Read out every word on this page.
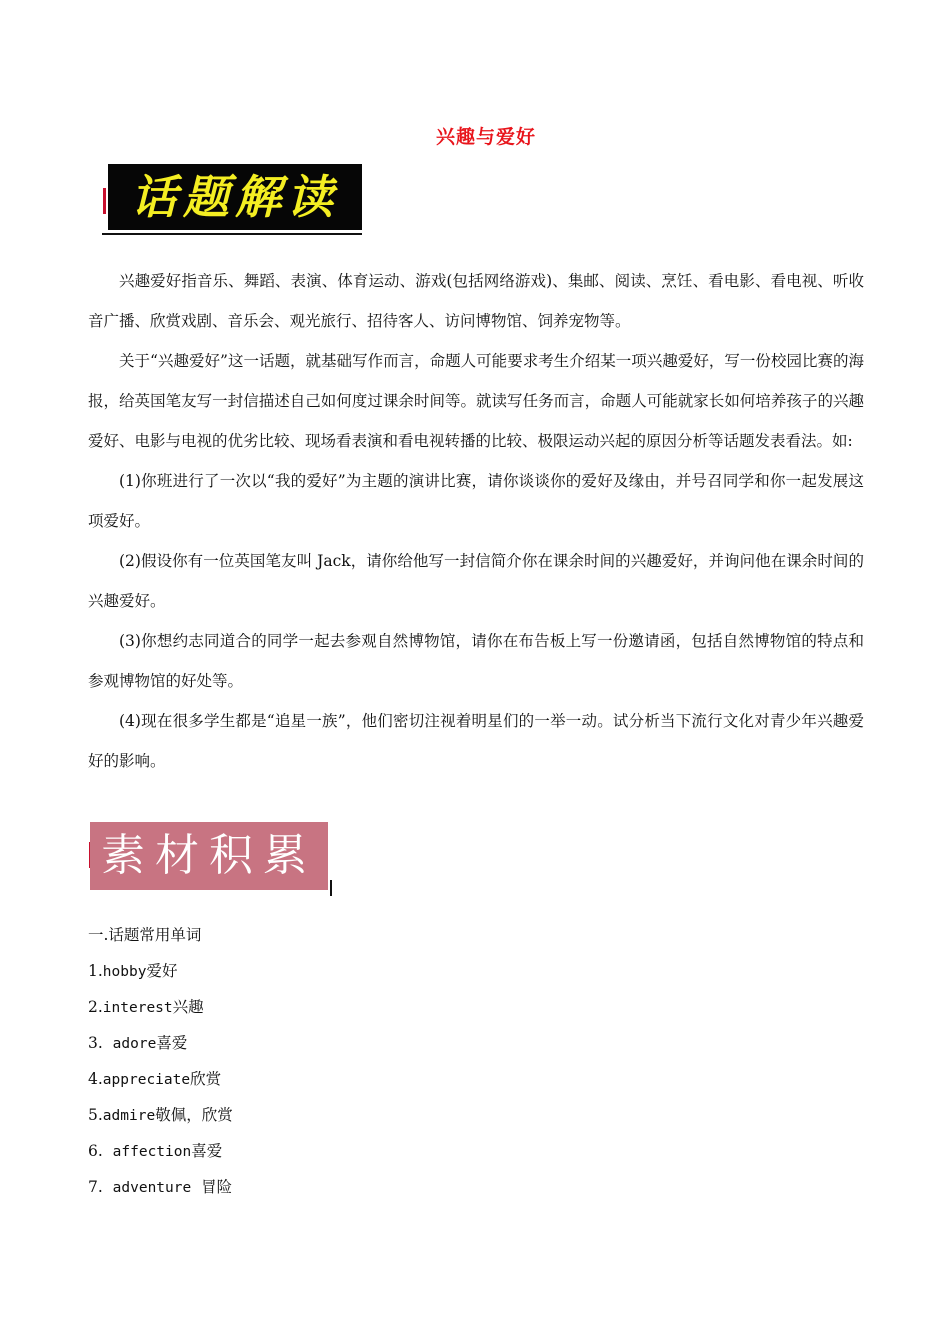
兴趣与爱好
话题解读

兴趣爱好指音乐、舞蹈、表演、体育运动、游戏(包括网络游戏)、集邮、阅读、烹饪、看电影、看电视、听收音广播、欣赏戏剧、音乐会、观光旅行、招待客人、访问博物馆、饲养宠物等。

关于“兴趣爱好”这一话题，就基础写作而言，命题人可能要求考生介绍某一项兴趣爱好，写一份校园比赛的海报，给英国笔友写一封信描述自己如何度过课余时间等。就读写任务而言，命题人可能就家长如何培养孩子的兴趣爱好、电影与电视的优劣比较、现场看表演和看电视转播的比较、极限运动兴起的原因分析等话题发表看法。如:

(1)你班进行了一次以“我的爱好”为主题的演讲比赛，请你谈谈你的爱好及缘由，并号召同学和你一起发展这项爱好。

(2)假设你有一位英国笔友叫 Jack，请你给他写一封信简介你在课余时间的兴趣爱好，并询问他在课余时间的兴趣爱好。

(3)你想约志同道合的同学一起去参观自然博物馆，请你在布告板上写一份邀请函，包括自然博物馆的特点和参观博物馆的好处等。

(4)现在很多学生都是“追星一族”，他们密切注视着明星们的一举一动。试分析当下流行文化对青少年兴趣爱好的影响。

素材积累
一.话题常用单词
1.hobby爱好
2.interest兴趣
3.  adore喜爱
4.appreciate欣赏
5.admire敬佩，欣赏
6.  affection喜爱
7.  adventure  冒险
